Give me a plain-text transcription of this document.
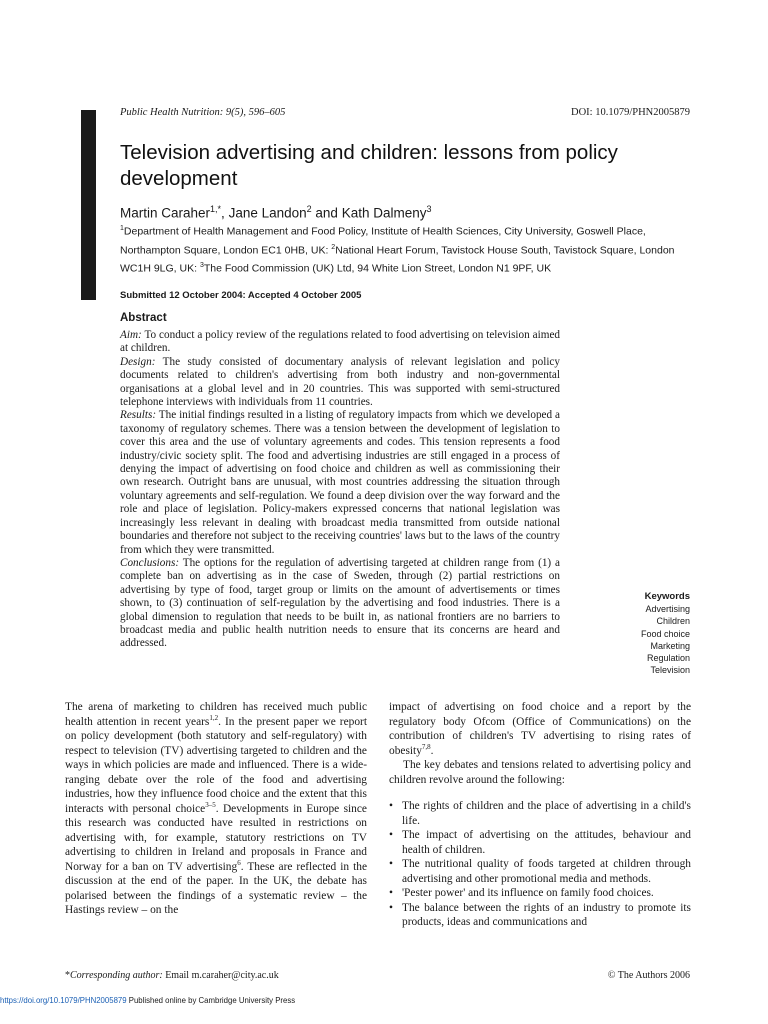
Public Health Nutrition: 9(5), 596–605	DOI: 10.1079/PHN2005879
Television advertising and children: lessons from policy development
Martin Caraher$^{1,*}$, Jane Landon$^2$ and Kath Dalmeny$^3$
$^1$Department of Health Management and Food Policy, Institute of Health Sciences, City University, Goswell Place, Northampton Square, London EC1 0HB, UK: $^2$National Heart Forum, Tavistock House South, Tavistock Square, London WC1H 9LG, UK: $^3$The Food Commission (UK) Ltd, 94 White Lion Street, London N1 9PF, UK
Submitted 12 October 2004: Accepted 4 October 2005
Abstract

Aim: To conduct a policy review of the regulations related to food advertising on television aimed at children.

Design: The study consisted of documentary analysis of relevant legislation and policy documents related to children's advertising from both industry and non-governmental organisations at a global level and in 20 countries. This was supported with semi-structured telephone interviews with individuals from 11 countries.

Results: The initial findings resulted in a listing of regulatory impacts from which we developed a taxonomy of regulatory schemes. There was a tension between the development of legislation to cover this area and the use of voluntary agreements and codes. This tension represents a food industry/civic society split. The food and advertising industries are still engaged in a process of denying the impact of advertising on food choice and children as well as commissioning their own research. Outright bans are unusual, with most countries addressing the situation through voluntary agreements and self-regulation. We found a deep division over the way forward and the role and place of legislation. Policy-makers expressed concerns that national legislation was increasingly less relevant in dealing with broadcast media transmitted from outside national boundaries and therefore not subject to the receiving countries' laws but to the laws of the country from which they were transmitted.

Conclusions: The options for the regulation of advertising targeted at children range from (1) a complete ban on advertising as in the case of Sweden, through (2) partial restrictions on advertising by type of food, target group or limits on the amount of advertisements or times shown, to (3) continuation of self-regulation by the advertising and food industries. There is a global dimension to regulation that needs to be built in, as national frontiers are no barriers to broadcast media and public health nutrition needs to ensure that its concerns are heard and addressed.

Keywords
Advertising
Children
Food choice
Marketing
Regulation
Television

The arena of marketing to children has received much public health attention in recent years$^{1,2}$. In the present paper we report on policy development (both statutory and self-regulatory) with respect to television (TV) advertising targeted to children and the ways in which policies are made and influenced. There is a wide-ranging debate over the role of the food and advertising industries, how they influence food choice and the extent that this interacts with personal choice$^{3-5}$. Developments in Europe since this research was conducted have resulted in restrictions on advertising with, for example, statutory restrictions on TV advertising to children in Ireland and proposals in France and Norway for a ban on TV advertising$^6$. These are reflected in the discussion at the end of the paper. In the UK, the debate has polarised between the findings of a systematic review – the Hastings review – on the

impact of advertising on food choice and a report by the regulatory body Ofcom (Office of Communications) on the contribution of children's TV advertising to rising rates of obesity$^{7,8}$.

The key debates and tensions related to advertising policy and children revolve around the following:

• The rights of children and the place of advertising in a child's life.
• The impact of advertising on the attitudes, behaviour and health of children.
• The nutritional quality of foods targeted at children through advertising and other promotional media and methods.
• 'Pester power' and its influence on family food choices.
• The balance between the rights of an industry to promote its products, ideas and communications and
*Corresponding author: Email m.caraher@city.ac.uk	© The Authors 2006
https://doi.org/10.1079/PHN2005879 Published online by Cambridge University Press
